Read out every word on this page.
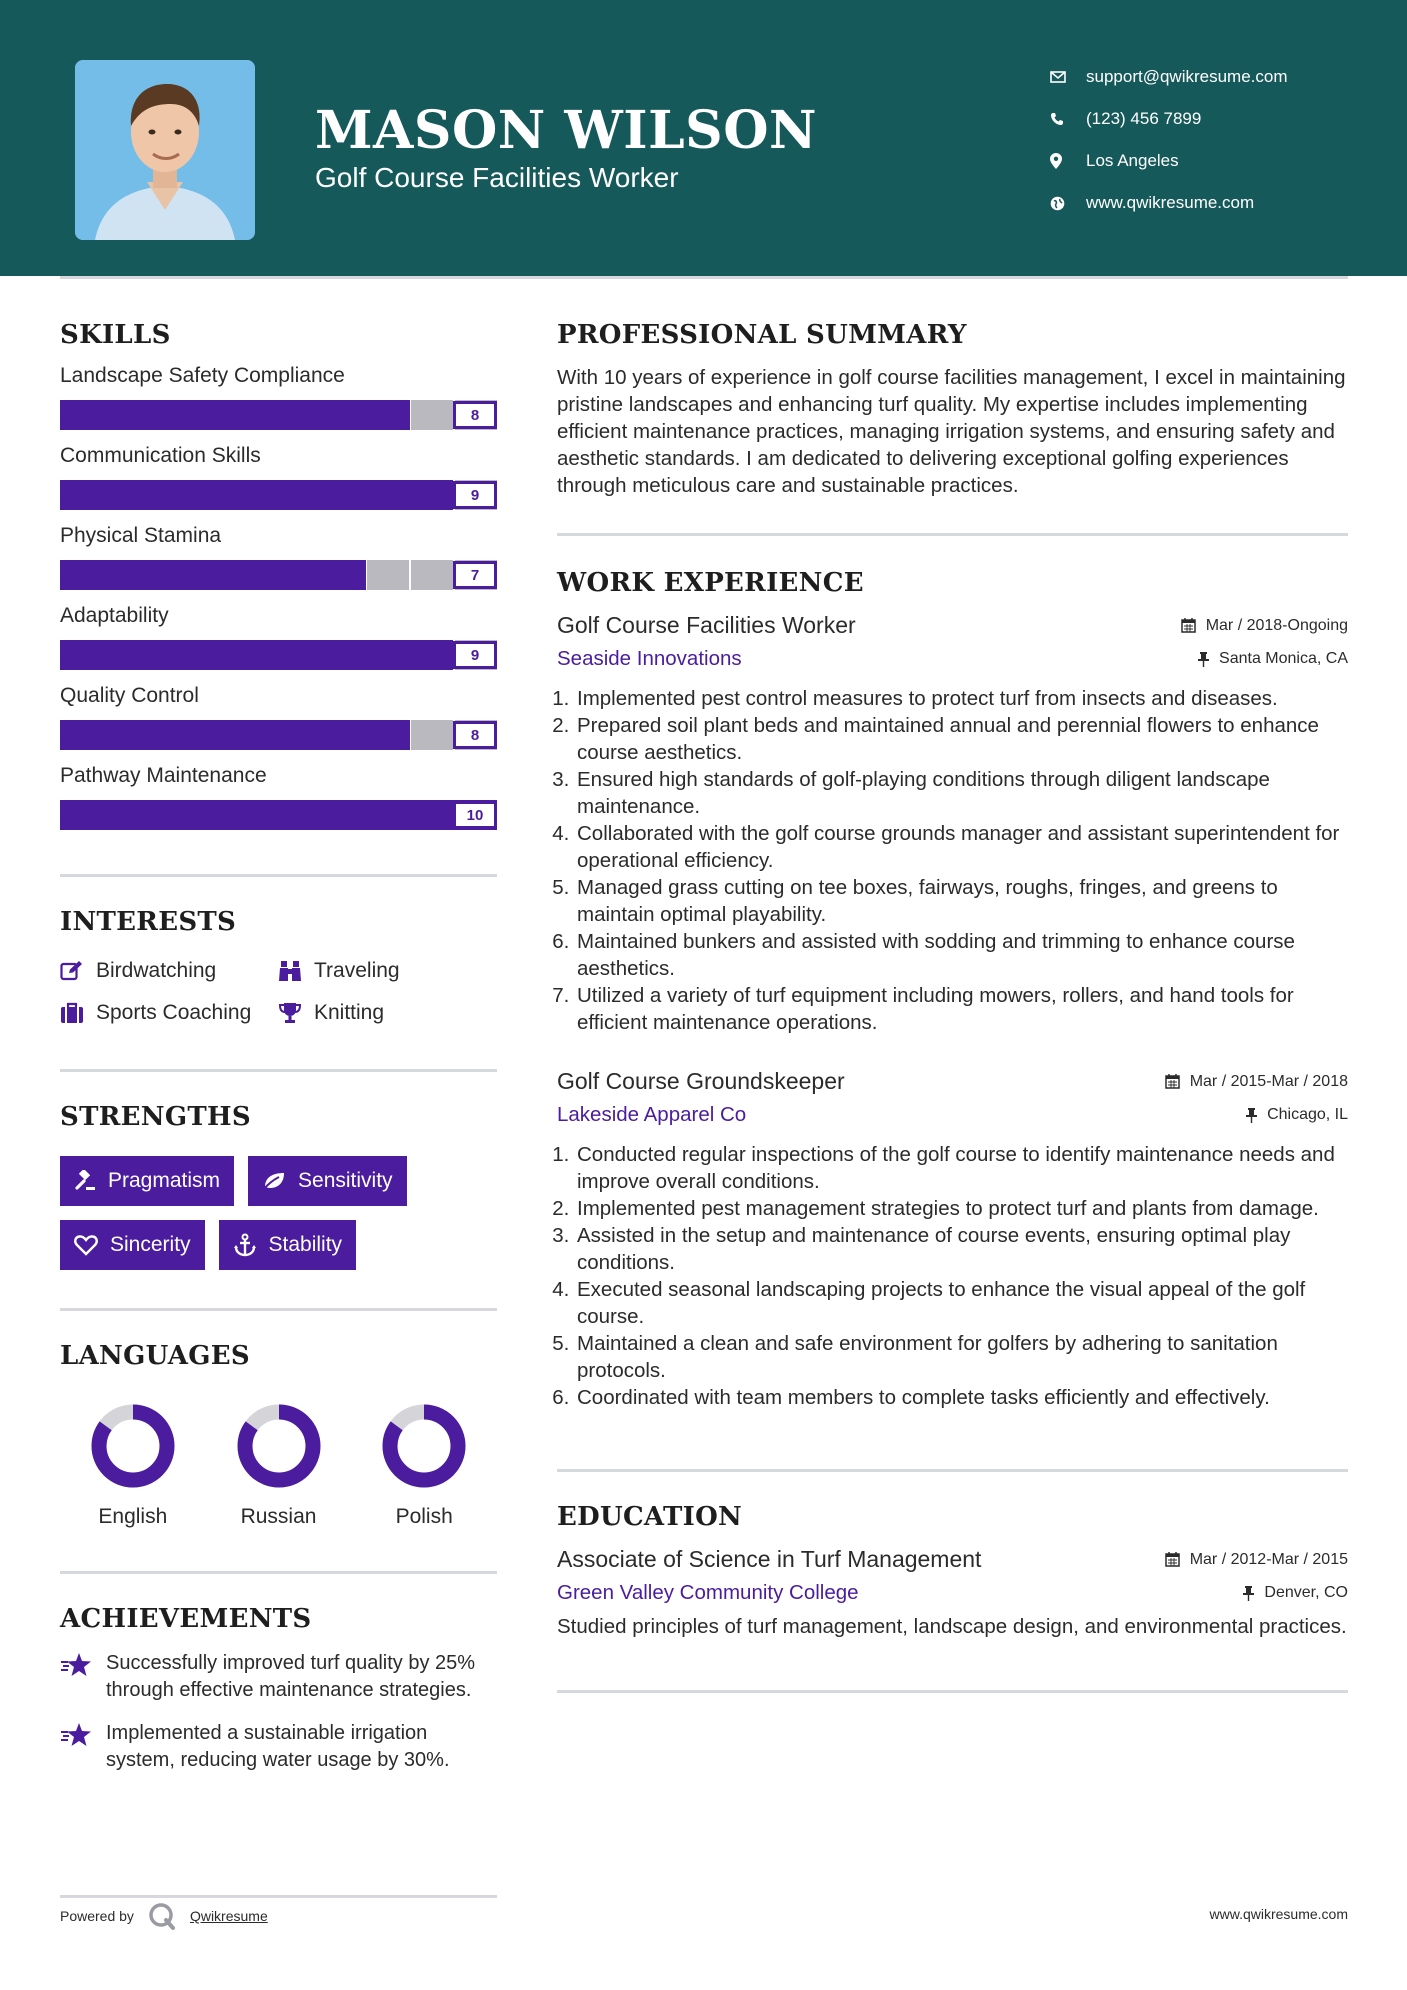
MASON WILSON
Golf Course Facilities Worker
support@qwikresume.com
(123) 456 7899
Los Angeles
www.qwikresume.com
SKILLS
Landscape Safety Compliance
8
Communication Skills
9
Physical Stamina
7
Adaptability
9
Quality Control
8
Pathway Maintenance
10
INTERESTS
Birdwatching	Traveling
Sports Coaching	Knitting
STRENGTHS
Pragmatism	Sensitivity
Sincerity	Stability
LANGUAGES
English	Russian	Polish
ACHIEVEMENTS
Successfully improved turf quality by 25% through effective maintenance strategies.
Implemented a sustainable irrigation system, reducing water usage by 30%.
PROFESSIONAL SUMMARY
With 10 years of experience in golf course facilities management, I excel in maintaining pristine landscapes and enhancing turf quality. My expertise includes implementing efficient maintenance practices, managing irrigation systems, and ensuring safety and aesthetic standards. I am dedicated to delivering exceptional golfing experiences through meticulous care and sustainable practices.
WORK EXPERIENCE
Golf Course Facilities Worker	Mar / 2018-Ongoing
Seaside Innovations	Santa Monica, CA
1. Implemented pest control measures to protect turf from insects and diseases.
2. Prepared soil plant beds and maintained annual and perennial flowers to enhance course aesthetics.
3. Ensured high standards of golf-playing conditions through diligent landscape maintenance.
4. Collaborated with the golf course grounds manager and assistant superintendent for operational efficiency.
5. Managed grass cutting on tee boxes, fairways, roughs, fringes, and greens to maintain optimal playability.
6. Maintained bunkers and assisted with sodding and trimming to enhance course aesthetics.
7. Utilized a variety of turf equipment including mowers, rollers, and hand tools for efficient maintenance operations.
Golf Course Groundskeeper	Mar / 2015-Mar / 2018
Lakeside Apparel Co	Chicago, IL
1. Conducted regular inspections of the golf course to identify maintenance needs and improve overall conditions.
2. Implemented pest management strategies to protect turf and plants from damage.
3. Assisted in the setup and maintenance of course events, ensuring optimal play conditions.
4. Executed seasonal landscaping projects to enhance the visual appeal of the golf course.
5. Maintained a clean and safe environment for golfers by adhering to sanitation protocols.
6. Coordinated with team members to complete tasks efficiently and effectively.
EDUCATION
Associate of Science in Turf Management	Mar / 2012-Mar / 2015
Green Valley Community College	Denver, CO
Studied principles of turf management, landscape design, and environmental practices.
Powered by	Qwikresume	www.qwikresume.com
